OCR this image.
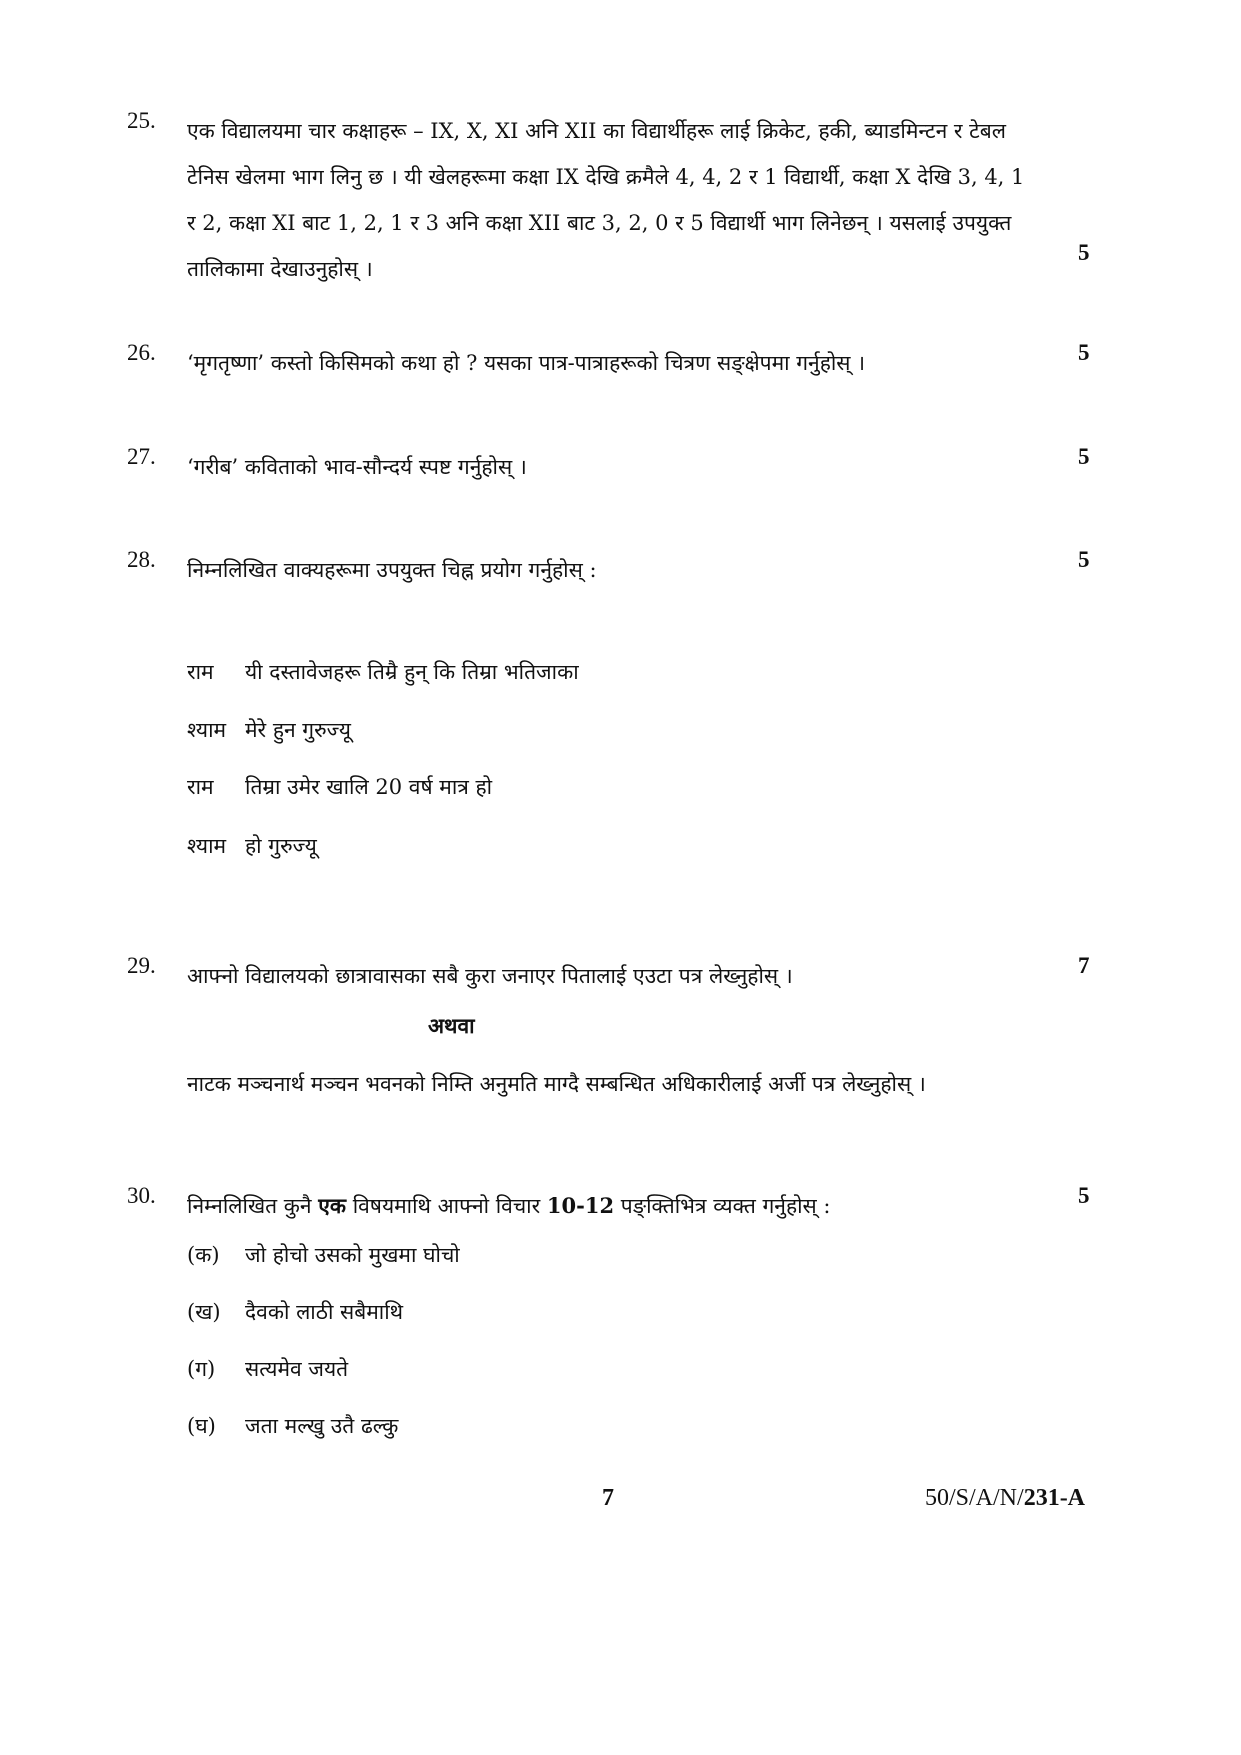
25. एक विद्यालयमा चार कक्षाहरू – IX, X, XI अनि XII का विद्यार्थीहरू लाई क्रिकेट, हकी, ब्याडमिन्टन र टेबल
टेनिस खेलमा भाग लिनु छ । यी खेलहरूमा कक्षा IX देखि क्रमैले 4, 4, 2 र 1 विद्यार्थी, कक्षा X देखि 3, 4, 1
र 2, कक्षा XI बाट 1, 2, 1 र 3 अनि कक्षा XII बाट 3, 2, 0 र 5 विद्यार्थी भाग लिनेछन् । यसलाई उपयुक्त
तालिकामा देखाउनुहोस् ।
5
26. ‘मृगतृष्णा’ कस्तो किसिमको कथा हो ? यसका पात्र-पात्राहरूको चित्रण सङ्क्षेपमा गर्नुहोस् ।	5
27. ‘गरीब’ कविताको भाव-सौन्दर्य स्पष्ट गर्नुहोस् ।	5
28. निम्नलिखित वाक्यहरूमा उपयुक्त चिह्न प्रयोग गर्नुहोस् :	5
राम यी दस्तावेजहरू तिम्रै हुन् कि तिम्रा भतिजाका
श्याम मेरे हुन गुरुज्यू
राम तिम्रा उमेर खालि 20 वर्ष मात्र हो
श्याम हो गुरुज्यू
29. आफ्नो विद्यालयको छात्रावासका सबै कुरा जनाएर पितालाई एउटा पत्र लेख्नुहोस् ।	7
अथवा
नाटक मञ्चनार्थ मञ्चन भवनको निम्ति अनुमति माग्दै सम्बन्धित अधिकारीलाई अर्जी पत्र लेख्नुहोस् ।
30. निम्नलिखित कुनै एक विषयमाथि आफ्नो विचार 10-12 पङ्क्तिभित्र व्यक्त गर्नुहोस् :	5
(क) जो होचो उसको मुखमा घोचो
(ख) दैवको लाठी सबैमाथि
(ग) सत्यमेव जयते
(घ) जता मल्खु उतै ढल्कु
7	50/S/A/N/231-A
